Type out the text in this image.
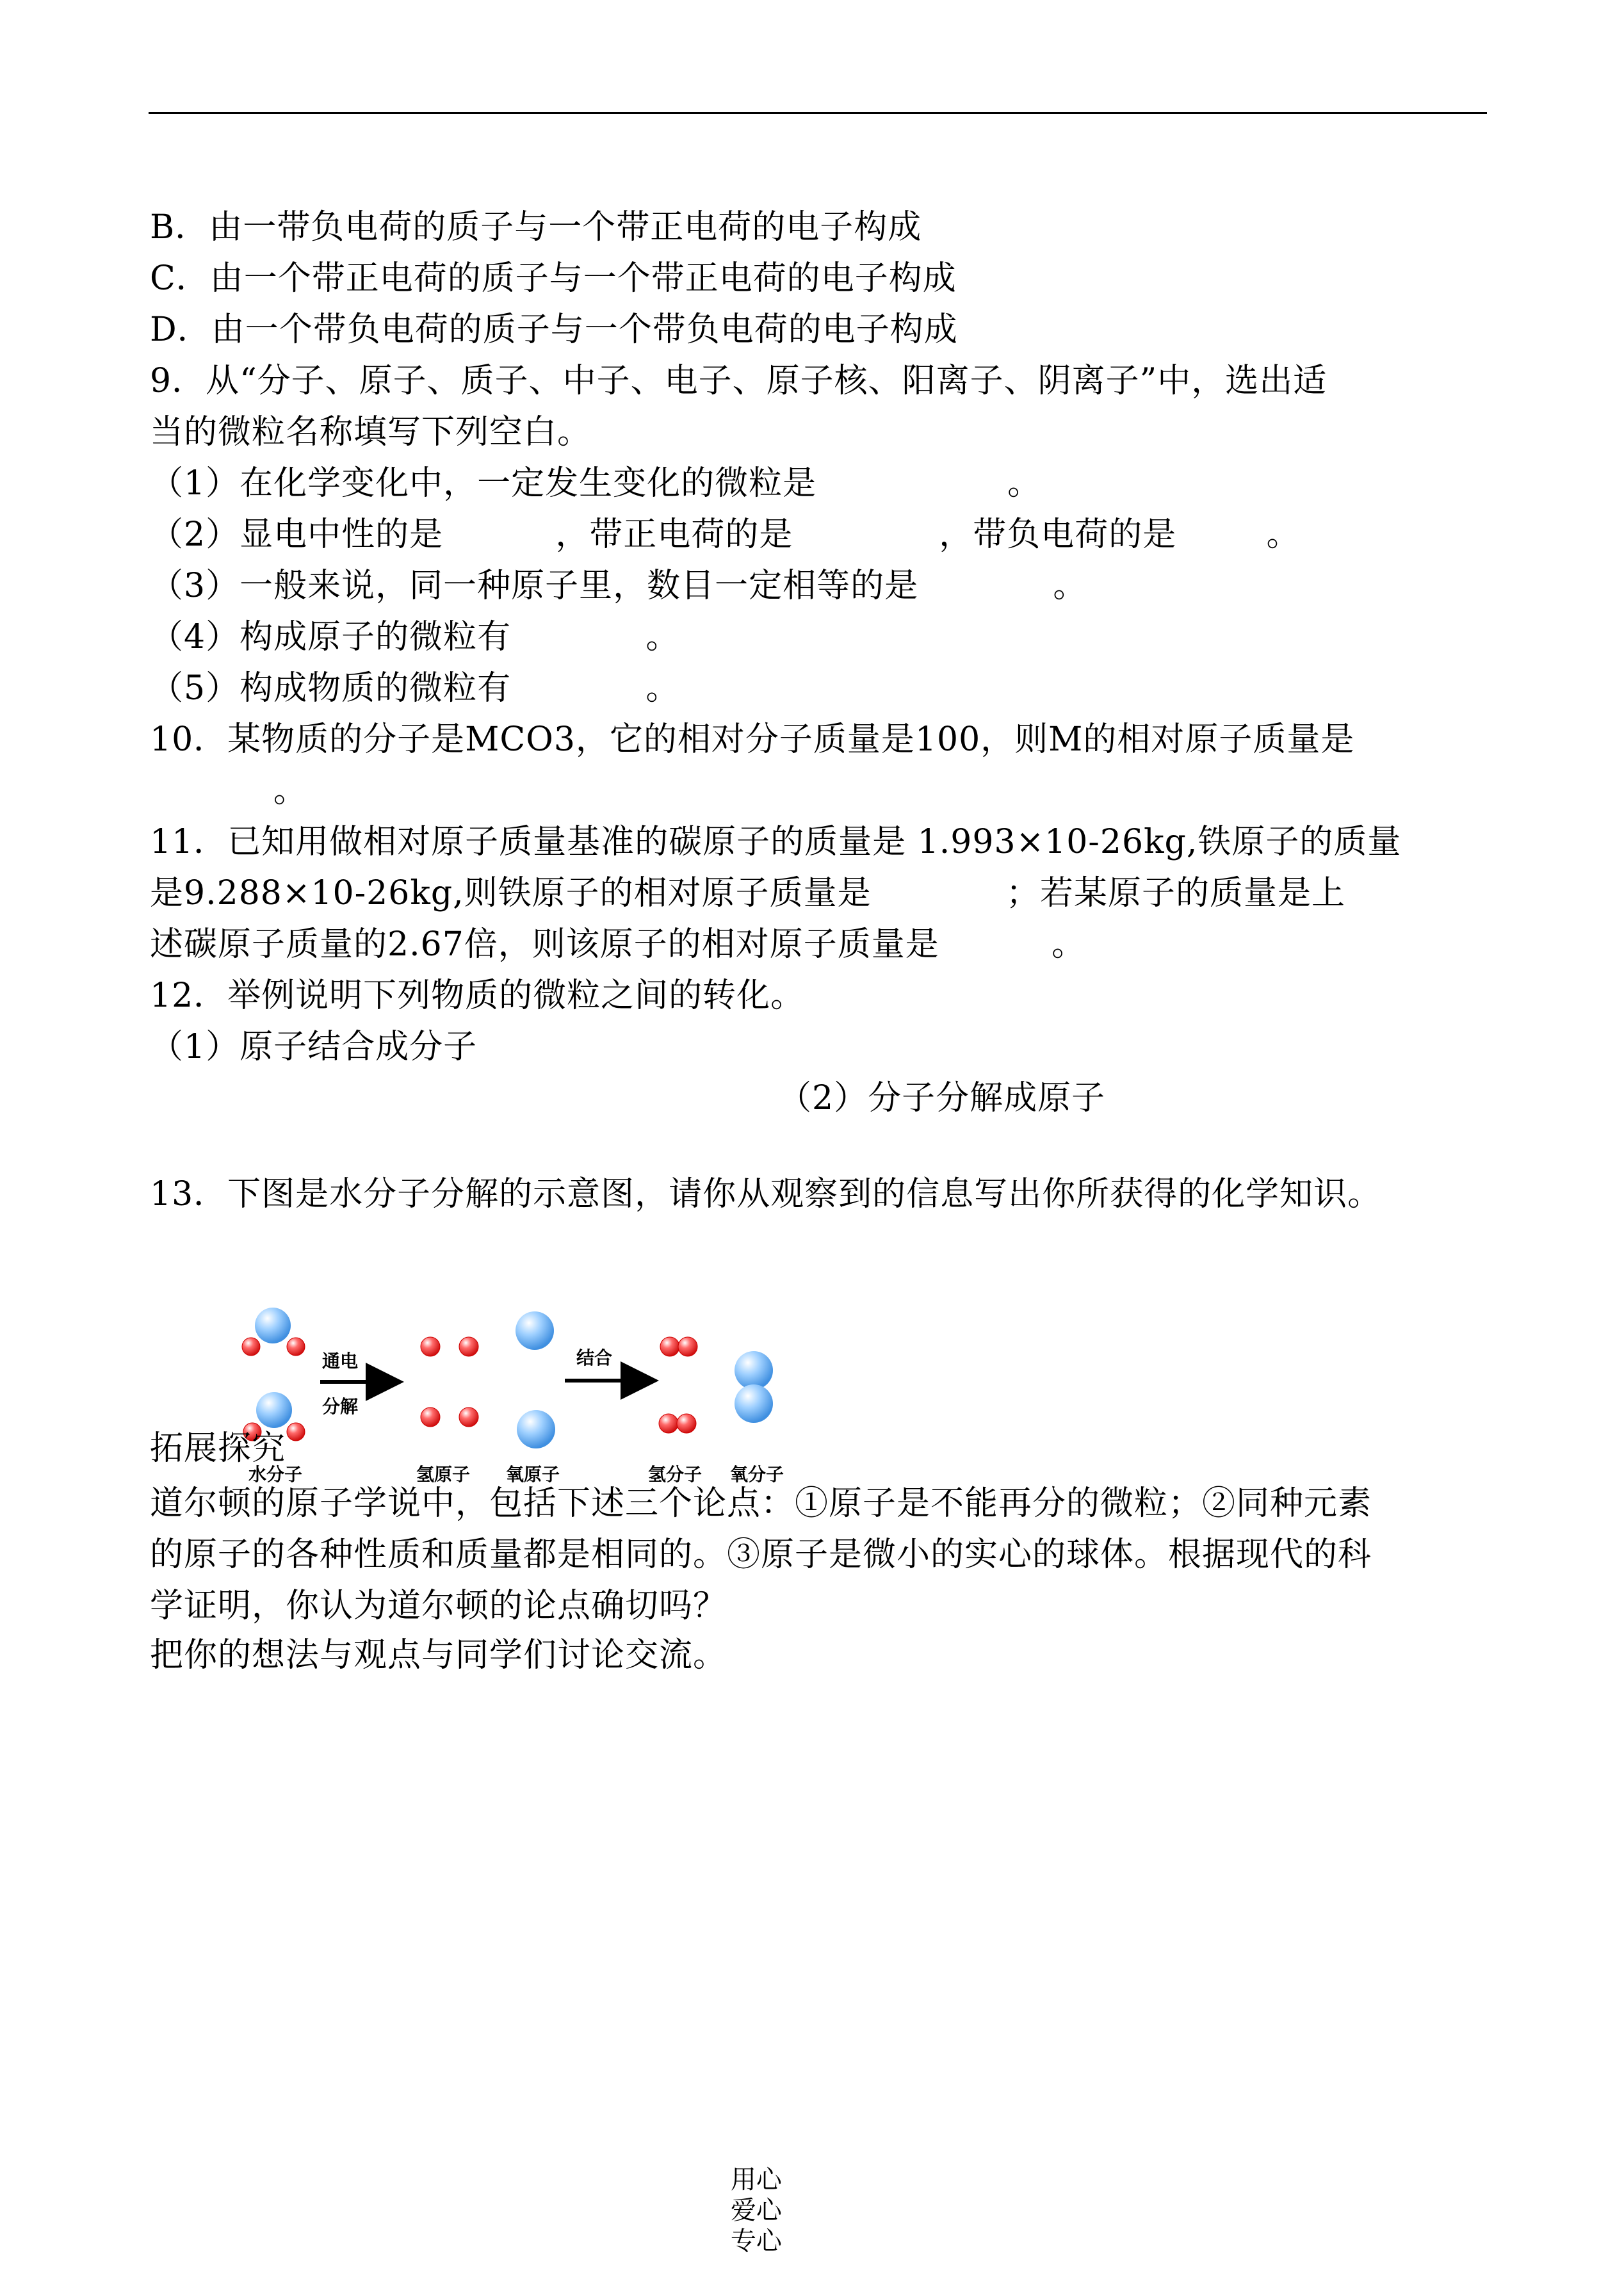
B．由一带负电荷的质子与一个带正电荷的电子构成
C．由一个带正电荷的质子与一个带正电荷的电子构成
D．由一个带负电荷的质子与一个带负电荷的电子构成
9．从“分子、原子、质子、中子、电子、原子核、阳离子、阴离子”中，选出适
当的微粒名称填写下列空白。
（1）在化学变化中，一定发生变化的微粒是                 。
（2）显电中性的是          ，带正电荷的是             ，带负电荷的是        。
（3）一般来说，同一种原子里，数目一定相等的是            。
（4）构成原子的微粒有            。
（5）构成物质的微粒有            。
10．某物质的分子是MCO3，它的相对分子质量是100，则M的相对原子质量是
。
11．已知用做相对原子质量基准的碳原子的质量是 1.993×10-26kg,铁原子的质量
是9.288×10-26kg,则铁原子的相对原子质量是            ；若某原子的质量是上
述碳原子质量的2.67倍，则该原子的相对原子质量是          。
12．举例说明下列物质的微粒之间的转化。
（1）原子结合成分子
（2）分子分解成原子
13．下图是水分子分解的示意图，请你从观察到的信息写出你所获得的化学知识。
通电
分解
结合
水分子	氢原子 氧原子	氢分子 氧分子
拓展探究
道尔顿的原子学说中，包括下述三个论点：①原子是不能再分的微粒；②同种元素
的原子的各种性质和质量都是相同的。③原子是微小的实心的球体。根据现代的科
学证明，你认为道尔顿的论点确切吗？
把你的想法与观点与同学们讨论交流。

用心
爱心
专心
